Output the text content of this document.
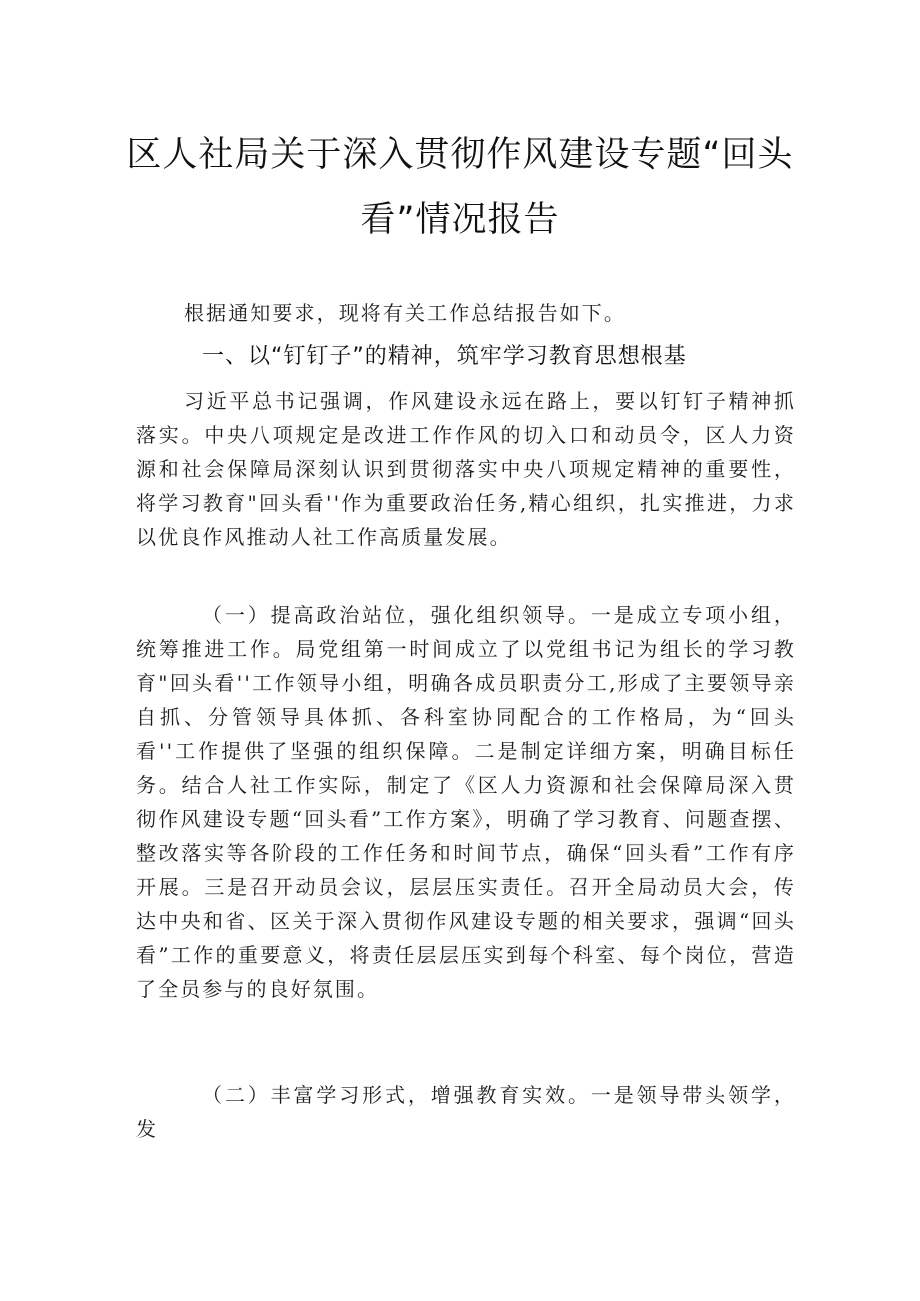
区人社局关于深入贯彻作风建设专题“回头
看”情况报告

根据通知要求，现将有关工作总结报告如下。

一、以“钉钉子”的精神，筑牢学习教育思想根基

习近平总书记强调，作风建设永远在路上，要以钉钉子精神抓落实。中央八项规定是改进工作作风的切入口和动员令，区人力资源和社会保障局深刻认识到贯彻落实中央八项规定精神的重要性，将学习教育"回头看''作为重要政治任务,精心组织，扎实推进，力求以优良作风推动人社工作高质量发展。

（一）提高政治站位，强化组织领导。一是成立专项小组，统筹推进工作。局党组第一时间成立了以党组书记为组长的学习教育"回头看''工作领导小组，明确各成员职责分工,形成了主要领导亲自抓、分管领导具体抓、各科室协同配合的工作格局，为“回头看''工作提供了坚强的组织保障。二是制定详细方案，明确目标任务。结合人社工作实际，制定了《区人力资源和社会保障局深入贯彻作风建设专题“回头看”工作方案》，明确了学习教育、问题查摆、整改落实等各阶段的工作任务和时间节点，确保“回头看”工作有序开展。三是召开动员会议，层层压实责任。召开全局动员大会，传达中央和省、区关于深入贯彻作风建设专题的相关要求，强调“回头看”工作的重要意义，将责任层层压实到每个科室、每个岗位，营造了全员参与的良好氛围。

（二）丰富学习形式，增强教育实效。一是领导带头领学，发
